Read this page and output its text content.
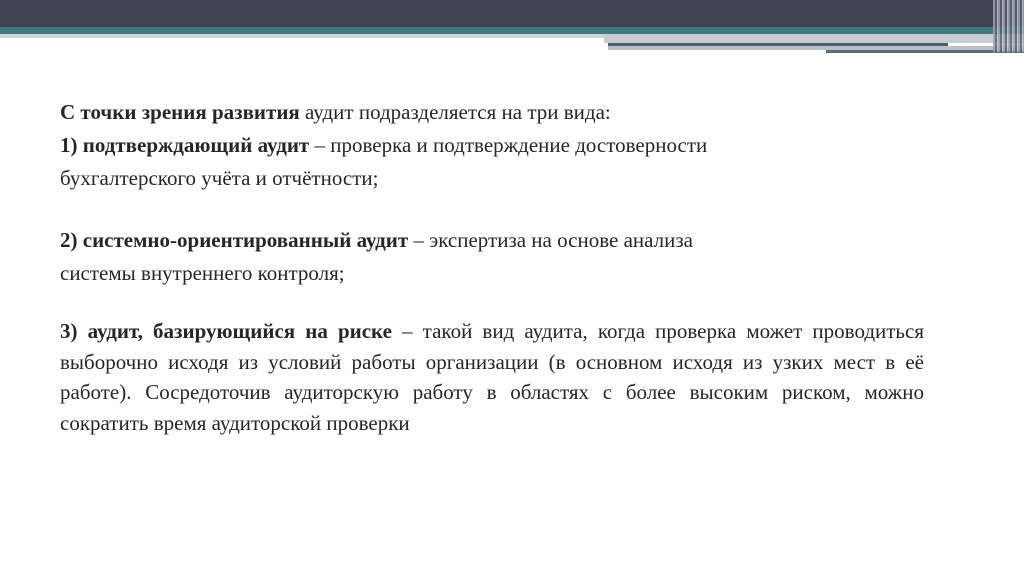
С точки зрения развития аудит подразделяется на три вида:

1) подтверждающий аудит – проверка и подтверждение достоверности

бухгалтерского учёта и отчётности;

2) системно-ориентированный аудит – экспертиза на основе анализа

системы внутреннего контроля;

3) аудит, базирующийся на риске – такой вид аудита, когда проверка может проводиться выборочно исходя из условий работы организации (в основном исходя из узких мест в её работе). Сосредоточив аудиторскую работу в областях с более высоким риском, можно сократить время аудиторской проверки
